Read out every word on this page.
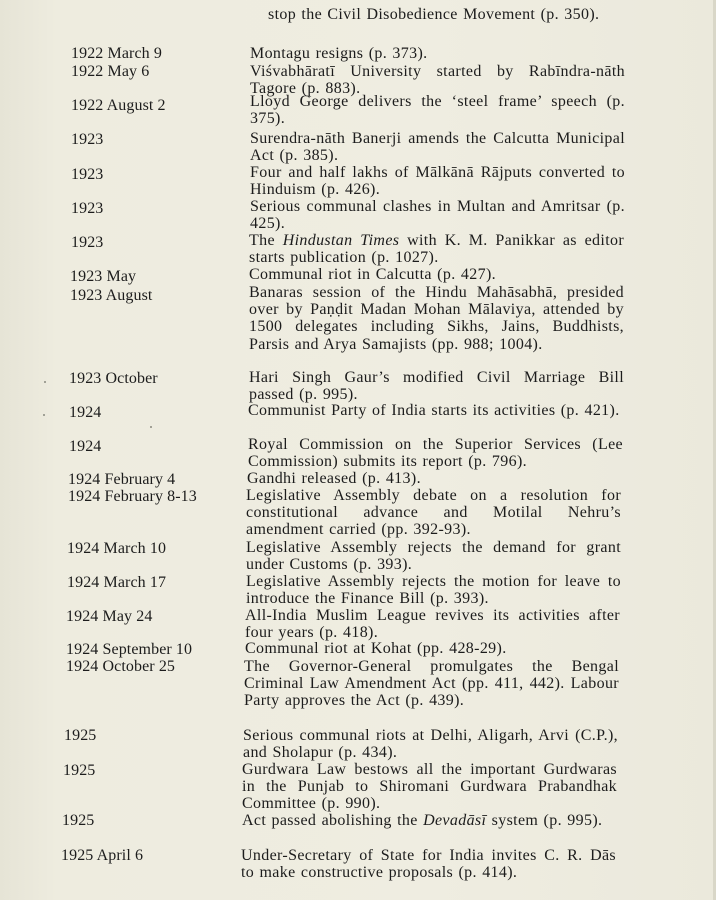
stop the Civil Disobedience Movement (p. 350).
1922 March 9	Montagu resigns (p. 373).
1922 May 6	Viśvabhāratī University started by Rabīndra-nāth Tagore (p. 883).
1922 August 2	Lloyd George delivers the ‘steel frame’ speech (p. 375).
1923	Surendra-nāth Banerji amends the Calcutta Municipal Act (p. 385).
1923	Four and half lakhs of Mālkānā Rājputs converted to Hinduism (p. 426).
1923	Serious communal clashes in Multan and Amritsar (p. 425).
1923	The Hindustan Times with K. M. Panikkar as editor starts publication (p. 1027).
1923 May	Communal riot in Calcutta (p. 427).
1923 August	Banaras session of the Hindu Mahāsabhā, presided over by Paṇḍit Madan Mohan Mālaviya, attended by 1500 delegates including Sikhs, Jains, Buddhists, Parsis and Arya Samajists (pp. 988; 1004).
1923 October	Hari Singh Gaur’s modified Civil Marriage Bill passed (p. 995).
1924	Communist Party of India starts its activities (p. 421).
1924	Royal Commission on the Superior Services (Lee Commission) submits its report (p. 796).
1924 February 4	Gandhi released (p. 413).
1924 February 8-13	Legislative Assembly debate on a resolution for constitutional advance and Motilal Nehru’s amendment carried (pp. 392-93).
1924 March 10	Legislative Assembly rejects the demand for grant under Customs (p. 393).
1924 March 17	Legislative Assembly rejects the motion for leave to introduce the Finance Bill (p. 393).
1924 May 24	All-India Muslim League revives its activities after four years (p. 418).
1924 September 10	Communal riot at Kohat (pp. 428-29).
1924 October 25	The Governor-General promulgates the Bengal Criminal Law Amendment Act (pp. 411, 442). Labour Party approves the Act (p. 439).
1925	Serious communal riots at Delhi, Aligarh, Arvi (C.P.), and Sholapur (p. 434).
1925	Gurdwara Law bestows all the important Gurdwaras in the Punjab to Shiromani Gurdwara Prabandhak Committee (p. 990).
1925	Act passed abolishing the Devadāsī system (p. 995).
1925 April 6	Under-Secretary of State for India invites C. R. Dās to make constructive proposals (p. 414).
